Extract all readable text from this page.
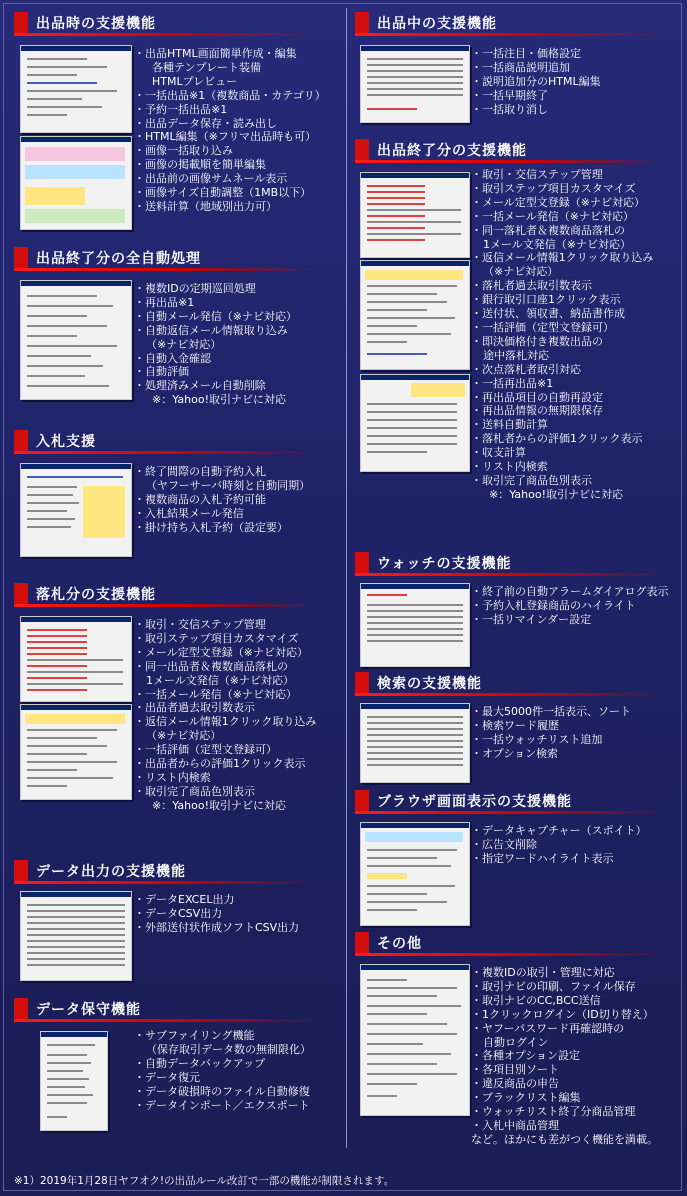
出品時の支援機能
・出品HTML画面簡単作成・編集
各種テンプレート装備
HTMLプレビュー
・一括出品※1（複数商品・カテゴリ）
・予約一括出品※1
・出品データ保存・読み出し
・HTML編集（※フリマ出品時も可）
・画像一括取り込み
・画像の掲載順を簡単編集
・出品前の画像サムネール表示
・画像サイズ自動調整（1MB以下）
・送料計算（地域別出力可）
出品終了分の全自動処理
・複数IDの定期巡回処理
・再出品※1
・自動メール発信（※ナビ対応）
・自動返信メール情報取り込み
（※ナビ対応）
・自動入金確認
・自動評価
・処理済みメール自動削除
※：Yahoo!取引ナビに対応
入札支援
・終了間際の自動予約入札
（ヤフーサーバ時刻と自動同期）
・複数商品の入札予約可能
・入札結果メール発信
・掛け持ち入札予約（設定要）
落札分の支援機能
・取引・交信ステップ管理
・取引ステップ項目カスタマイズ
・メール定型文登録（※ナビ対応）
・同一出品者＆複数商品落札の
1メール文発信（※ナビ対応）
・一括メール発信（※ナビ対応）
・出品者過去取引数表示
・返信メール情報1クリック取り込み
（※ナビ対応）
・一括評価（定型文登録可）
・出品者からの評価1クリック表示
・リスト内検索
・取引完了商品色別表示
※：Yahoo!取引ナビに対応
データ出力の支援機能
・データEXCEL出力
・データCSV出力
・外部送付状作成ソフトCSV出力
データ保守機能
・サブファイリング機能
（保存取引データ数の無制限化）
・自動データバックアップ
・データ復元
・データ破損時のファイル自動修復
・データインポート／エクスポート
出品中の支援機能
・一括注目・価格設定
・一括商品説明追加
・説明追加分のHTML編集
・一括早期終了
・一括取り消し
出品終了分の支援機能
・取引・交信ステップ管理
・取引ステップ項目カスタマイズ
・メール定型文登録（※ナビ対応）
・一括メール発信（※ナビ対応）
・同一落札者＆複数商品落札の
1メール文発信（※ナビ対応）
・返信メール情報1クリック取り込み
（※ナビ対応）
・落札者過去取引数表示
・銀行取引口座1クリック表示
・送付状、領収書、納品書作成
・一括評価（定型文登録可）
・即決価格付き複数出品の
途中落札対応
・次点落札者取引対応
・一括再出品※1
・再出品項目の自動再設定
・再出品情報の無期限保存
・送料自動計算
・落札者からの評価1クリック表示
・収支計算
・リスト内検索
・取引完了商品色別表示
※：Yahoo!取引ナビに対応
ウォッチの支援機能
・終了前の自動アラームダイアログ表示
・予約入札登録商品のハイライト
・一括リマインダー設定
検索の支援機能
・最大5000件一括表示、ソート
・検索ワード履歴
・一括ウォッチリスト追加
・オプション検索
ブラウザ画面表示の支援機能
・データキャプチャー（スポイト）
・広告文削除
・指定ワードハイライト表示
その他
・複数IDの取引・管理に対応
・取引ナビの印刷、ファイル保存
・取引ナビのCC,BCC送信
・1クリックログイン（ID切り替え）
・ヤフーパスワード再確認時の
自動ログイン
・各種オプション設定
・各項目別ソート
・違反商品の申告
・ブラックリスト編集
・ウォッチリスト終了分商品管理
・入札中商品管理
など。ほかにも差がつく機能を満載。
※1）2019年1月28日ヤフオク!の出品ルール改訂で一部の機能が制限されます。
